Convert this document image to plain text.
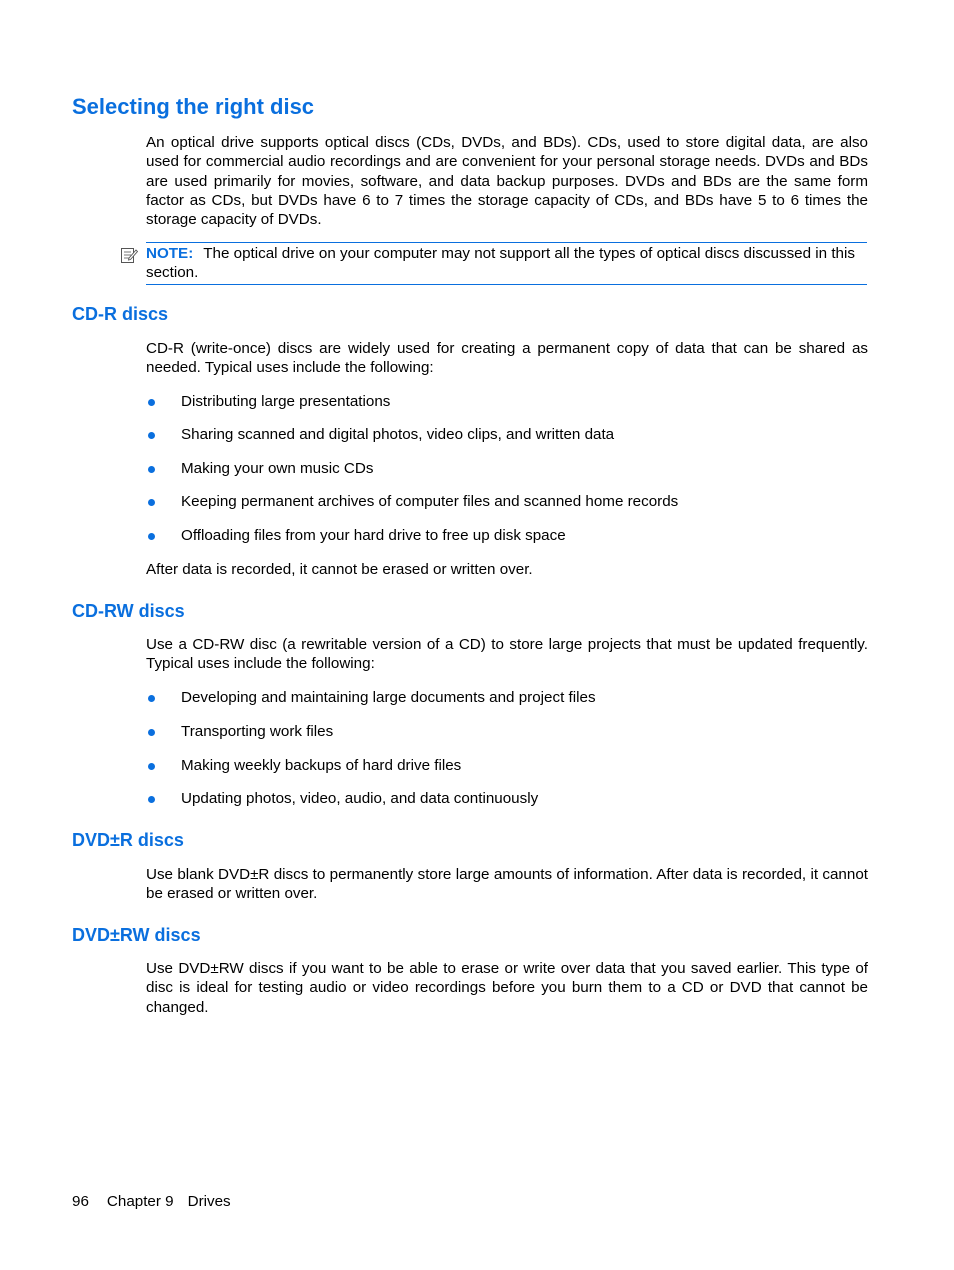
Selecting the right disc

An optical drive supports optical discs (CDs, DVDs, and BDs). CDs, used to store digital data, are also used for commercial audio recordings and are convenient for your personal storage needs. DVDs and BDs are used primarily for movies, software, and data backup purposes. DVDs and BDs are the same form factor as CDs, but DVDs have 6 to 7 times the storage capacity of CDs, and BDs have 5 to 6 times the storage capacity of DVDs.

NOTE: The optical drive on your computer may not support all the types of optical discs discussed in this section.
CD-R discs

CD-R (write-once) discs are widely used for creating a permanent copy of data that can be shared as needed. Typical uses include the following:

Distributing large presentations
Sharing scanned and digital photos, video clips, and written data
Making your own music CDs
Keeping permanent archives of computer files and scanned home records
Offloading files from your hard drive to free up disk space

After data is recorded, it cannot be erased or written over.

CD-RW discs

Use a CD-RW disc (a rewritable version of a CD) to store large projects that must be updated frequently. Typical uses include the following:

Developing and maintaining large documents and project files
Transporting work files
Making weekly backups of hard drive files
Updating photos, video, audio, and data continuously
DVD±R discs

Use blank DVD±R discs to permanently store large amounts of information. After data is recorded, it cannot be erased or written over.

DVD±RW discs

Use DVD±RW discs if you want to be able to erase or write over data that you saved earlier. This type of disc is ideal for testing audio or video recordings before you burn them to a CD or DVD that cannot be changed.

96 Chapter 9 Drives
